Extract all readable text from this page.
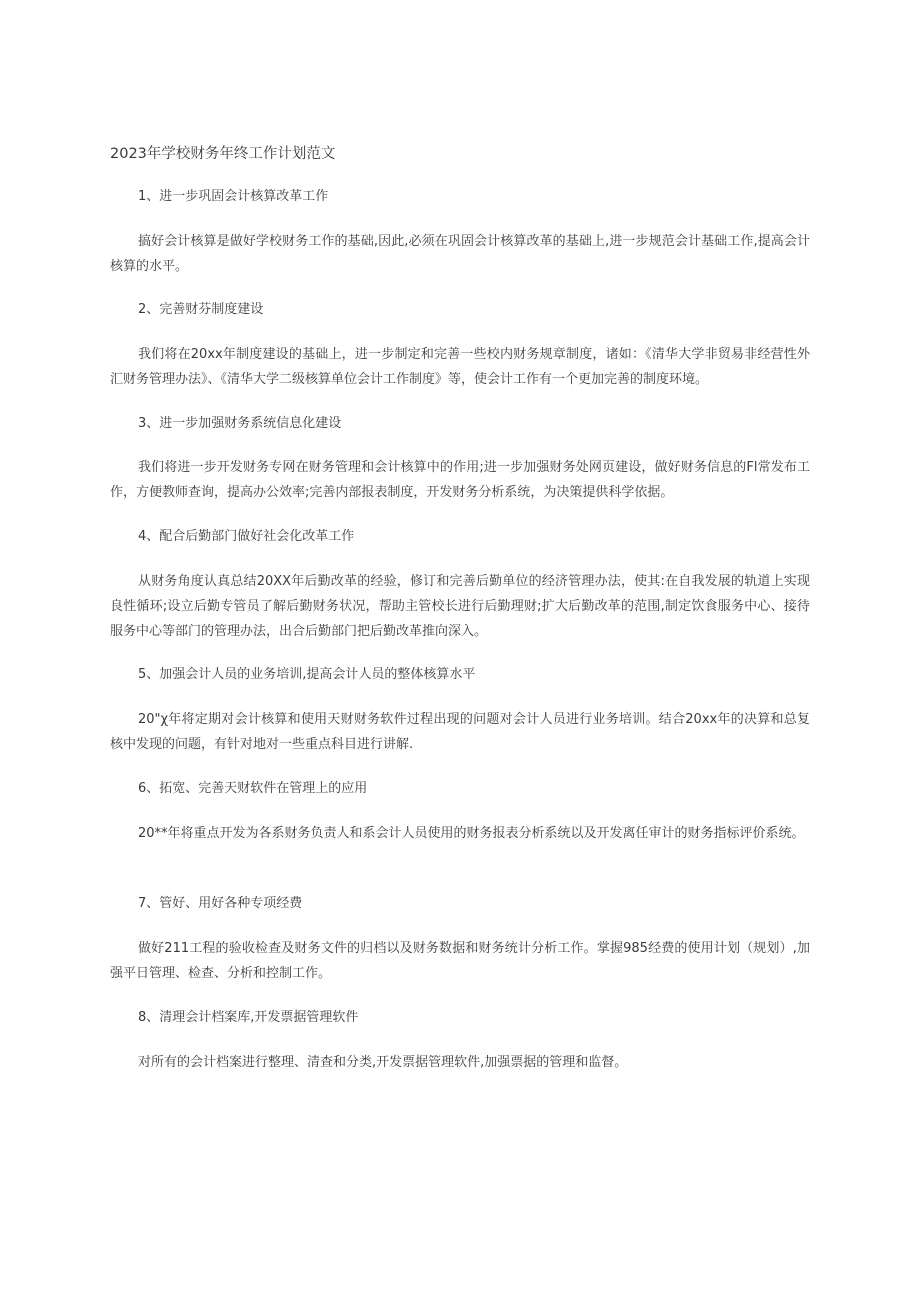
2023年学校财务年终工作计划范文
1、进一步巩固会计核算改革工作

搞好会计核算是做好学校财务工作的基础,因此,必须在巩固会计核算改革的基础上,进一步规范会计基础工作,提高会计核算的水平。

2、完善财芬制度建设

我们将在20xx年制度建设的基础上，进一步制定和完善一些校内财务规章制度，诸如：《清华大学非贸易非经营性外汇财务管理办法》、《清华大学二级核算单位会计工作制度》等，使会计工作有一个更加完善的制度环境。

3、进一步加强财务系统信息化建设

我们将进一步开发财务专网在财务管理和会计核算中的作用;进一步加强财务处网页建设，做好财务信息的Fl常发布工作，方便教师查询，提高办公效率;完善内部报表制度，开发财务分析系统，为决策提供科学依据。

4、配合后勤部门做好社会化改革工作

从财务角度认真总结20XX年后勤改革的经验，修订和完善后勤单位的经济管理办法，使其:在自我发展的轨道上实现良性循环;设立后勤专管员了解后勤财务状况，帮助主管校长进行后勤理财;扩大后勤改革的范围,制定饮食服务中心、接待服务中心等部门的管理办法，出合后勤部门把后勤改革推向深入。

5、加强会计人员的业务培训,提高会计人员的整体核算水平

20"χ年将定期对会计核算和使用天财财务软件过程出现的问题对会计人员进行业务培训。结合20xx年的决算和总复核中发现的问题，有针对地对一些重点科目进行讲解.

6、拓宽、完善天财软件在管理上的应用

20**年将重点开发为各系财务负责人和系会计人员使用的财务报表分析系统以及开发离任审计的财务指标评价系统。

7、管好、用好各种专项经费

做好211工程的验收检查及财务文件的归档以及财务数据和财务统计分析工作。掌握985经费的使用计划（规划）,加强平日管理、检查、分析和控制工作。

8、清理会计档案库,开发票据管理软件

对所有的会计档案进行整理、清查和分类,开发票据管理软件,加强票据的管理和监督。
